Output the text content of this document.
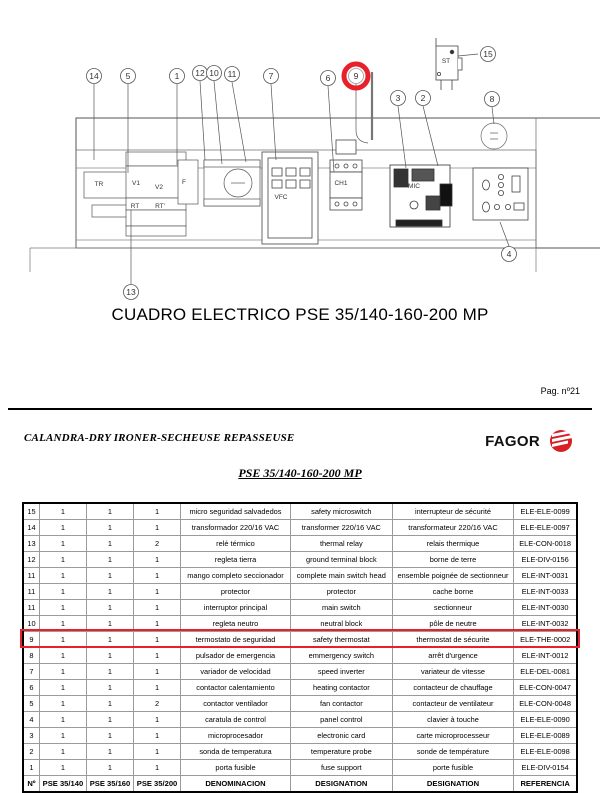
14	5	1 12 10 11	7	6	9
15
3 2	8
4
13
TR	V1
V2
F
RT RT'
VFC
CH1	MIC
ST
CUADRO ELECTRICO PSE 35/140-160-200 MP
Pag. nº21
CALANDRA-DRY IRONER-SECHEUSE REPASSEUSE	FAGOR
PSE 35/140-160-200 MP
15	1	1	1	micro seguridad salvadedos	safety microswitch	interrupteur de sécurité	ELE-ELE-0099
14	1	1	1	transformador 220/16 VAC	transformer 220/16 VAC	transformateur 220/16 VAC	ELE-ELE-0097
13	1	1	2	relé térmico	thermal relay	relais thermique	ELE-CON-0018
12	1	1	1	regleta tierra	ground terminal block	borne de terre	ELE-DIV-0156
11	1	1	1	mango completo seccionador	complete main switch head	ensemble poignée de sectionneur	ELE-INT-0031
11	1	1	1	protector	protector	cache borne	ELE-INT-0033
11	1	1	1	interruptor principal	main switch	sectionneur	ELE-INT-0030
10	1	1	1	regleta neutro	neutral block	pôle de neutre	ELE-INT-0032
9	1	1	1	termostato de seguridad	safety thermostat	thermostat de sécurite	ELE-THE-0002
8	1	1	1	pulsador de emergencia	emmergency switch	arrêt d'urgence	ELE-INT-0012
7	1	1	1	variador de velocidad	speed inverter	variateur de vitesse	ELE-DEL-0081
6	1	1	1	contactor calentamiento	heating contactor	contacteur de chauffage	ELE-CON-0047
5	1	1	2	contactor ventilador	fan contactor	contacteur de ventilateur	ELE-CON-0048
4	1	1	1	caratula de control	panel control	clavier à touche	ELE-ELE-0090
3	1	1	1	microprocesador	electronic card	carte microprocesseur	ELE-ELE-0089
2	1	1	1	sonda de temperatura	temperature probe	sonde de température	ELE-ELE-0098
1	1	1	1	porta fusible	fuse support	porte fusible	ELE-DIV-0154
Nº	PSE 35/140	PSE 35/160	PSE 35/200	DENOMINACION	DESIGNATION	DESIGNATION	REFERENCIA
